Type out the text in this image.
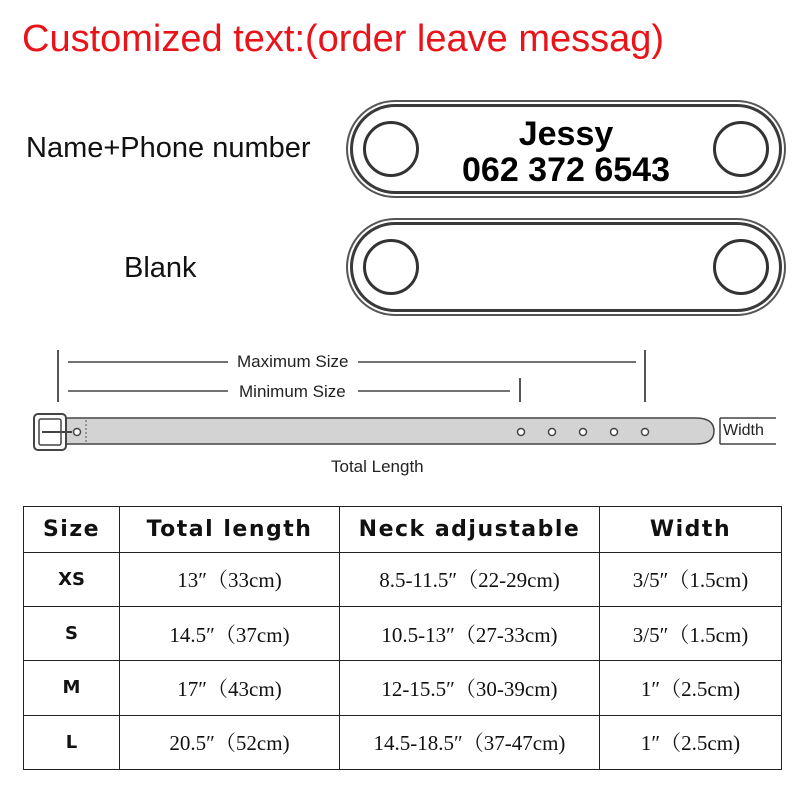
Customized text:(order leave messag)
Name+Phone number	Jessy
062 372 6543
Blank
Maximum Size
Minimum Size
Total Length
Width
Size	Total length	Neck adjustable	Width
XS	13″（33cm)	8.5-11.5″（22-29cm)	3/5″（1.5cm)
S	14.5″（37cm)	10.5-13″（27-33cm)	3/5″（1.5cm)
M	17″（43cm)	12-15.5″（30-39cm)	1″（2.5cm)
L	20.5″（52cm)	14.5-18.5″（37-47cm)	1″（2.5cm)
